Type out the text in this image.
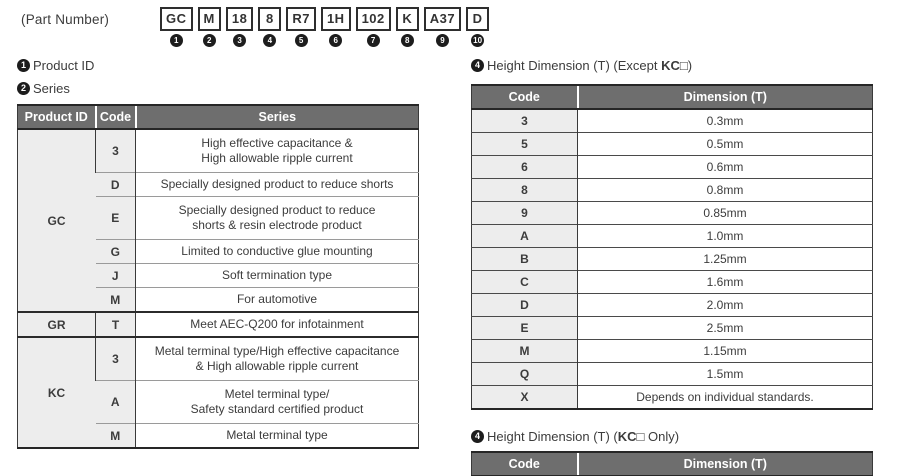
(Part Number)	GC
1
M
2
18
3
8
4
R7
5
1H
6
102
7
K
8
A37
9
D
10
1 Product ID
2 Series
Product ID	Code	Series
GC	3	High effective capacitance &
High allowable ripple current
	D	Specially designed product to reduce shorts
	E	Specially designed product to reduce
shorts & resin electrode product
	G	Limited to conductive glue mounting
	J	Soft termination type
	M	For automotive
GR	T	Meet AEC-Q200 for infotainment
KC	3	Metal terminal type/High effective capacitance
& High allowable ripple current
	A	Metel terminal type/
Safety standard certified product
	M	Metal terminal type
4 Height Dimension (T) (Except KC□)
Code	Dimension (T)
3	0.3mm
5	0.5mm
6	0.6mm
8	0.8mm
9	0.85mm
A	1.0mm
B	1.25mm
C	1.6mm
D	2.0mm
E	2.5mm
M	1.15mm
Q	1.5mm
X	Depends on individual standards.
4 Height Dimension (T) (KC□ Only)
Code	Dimension (T)
